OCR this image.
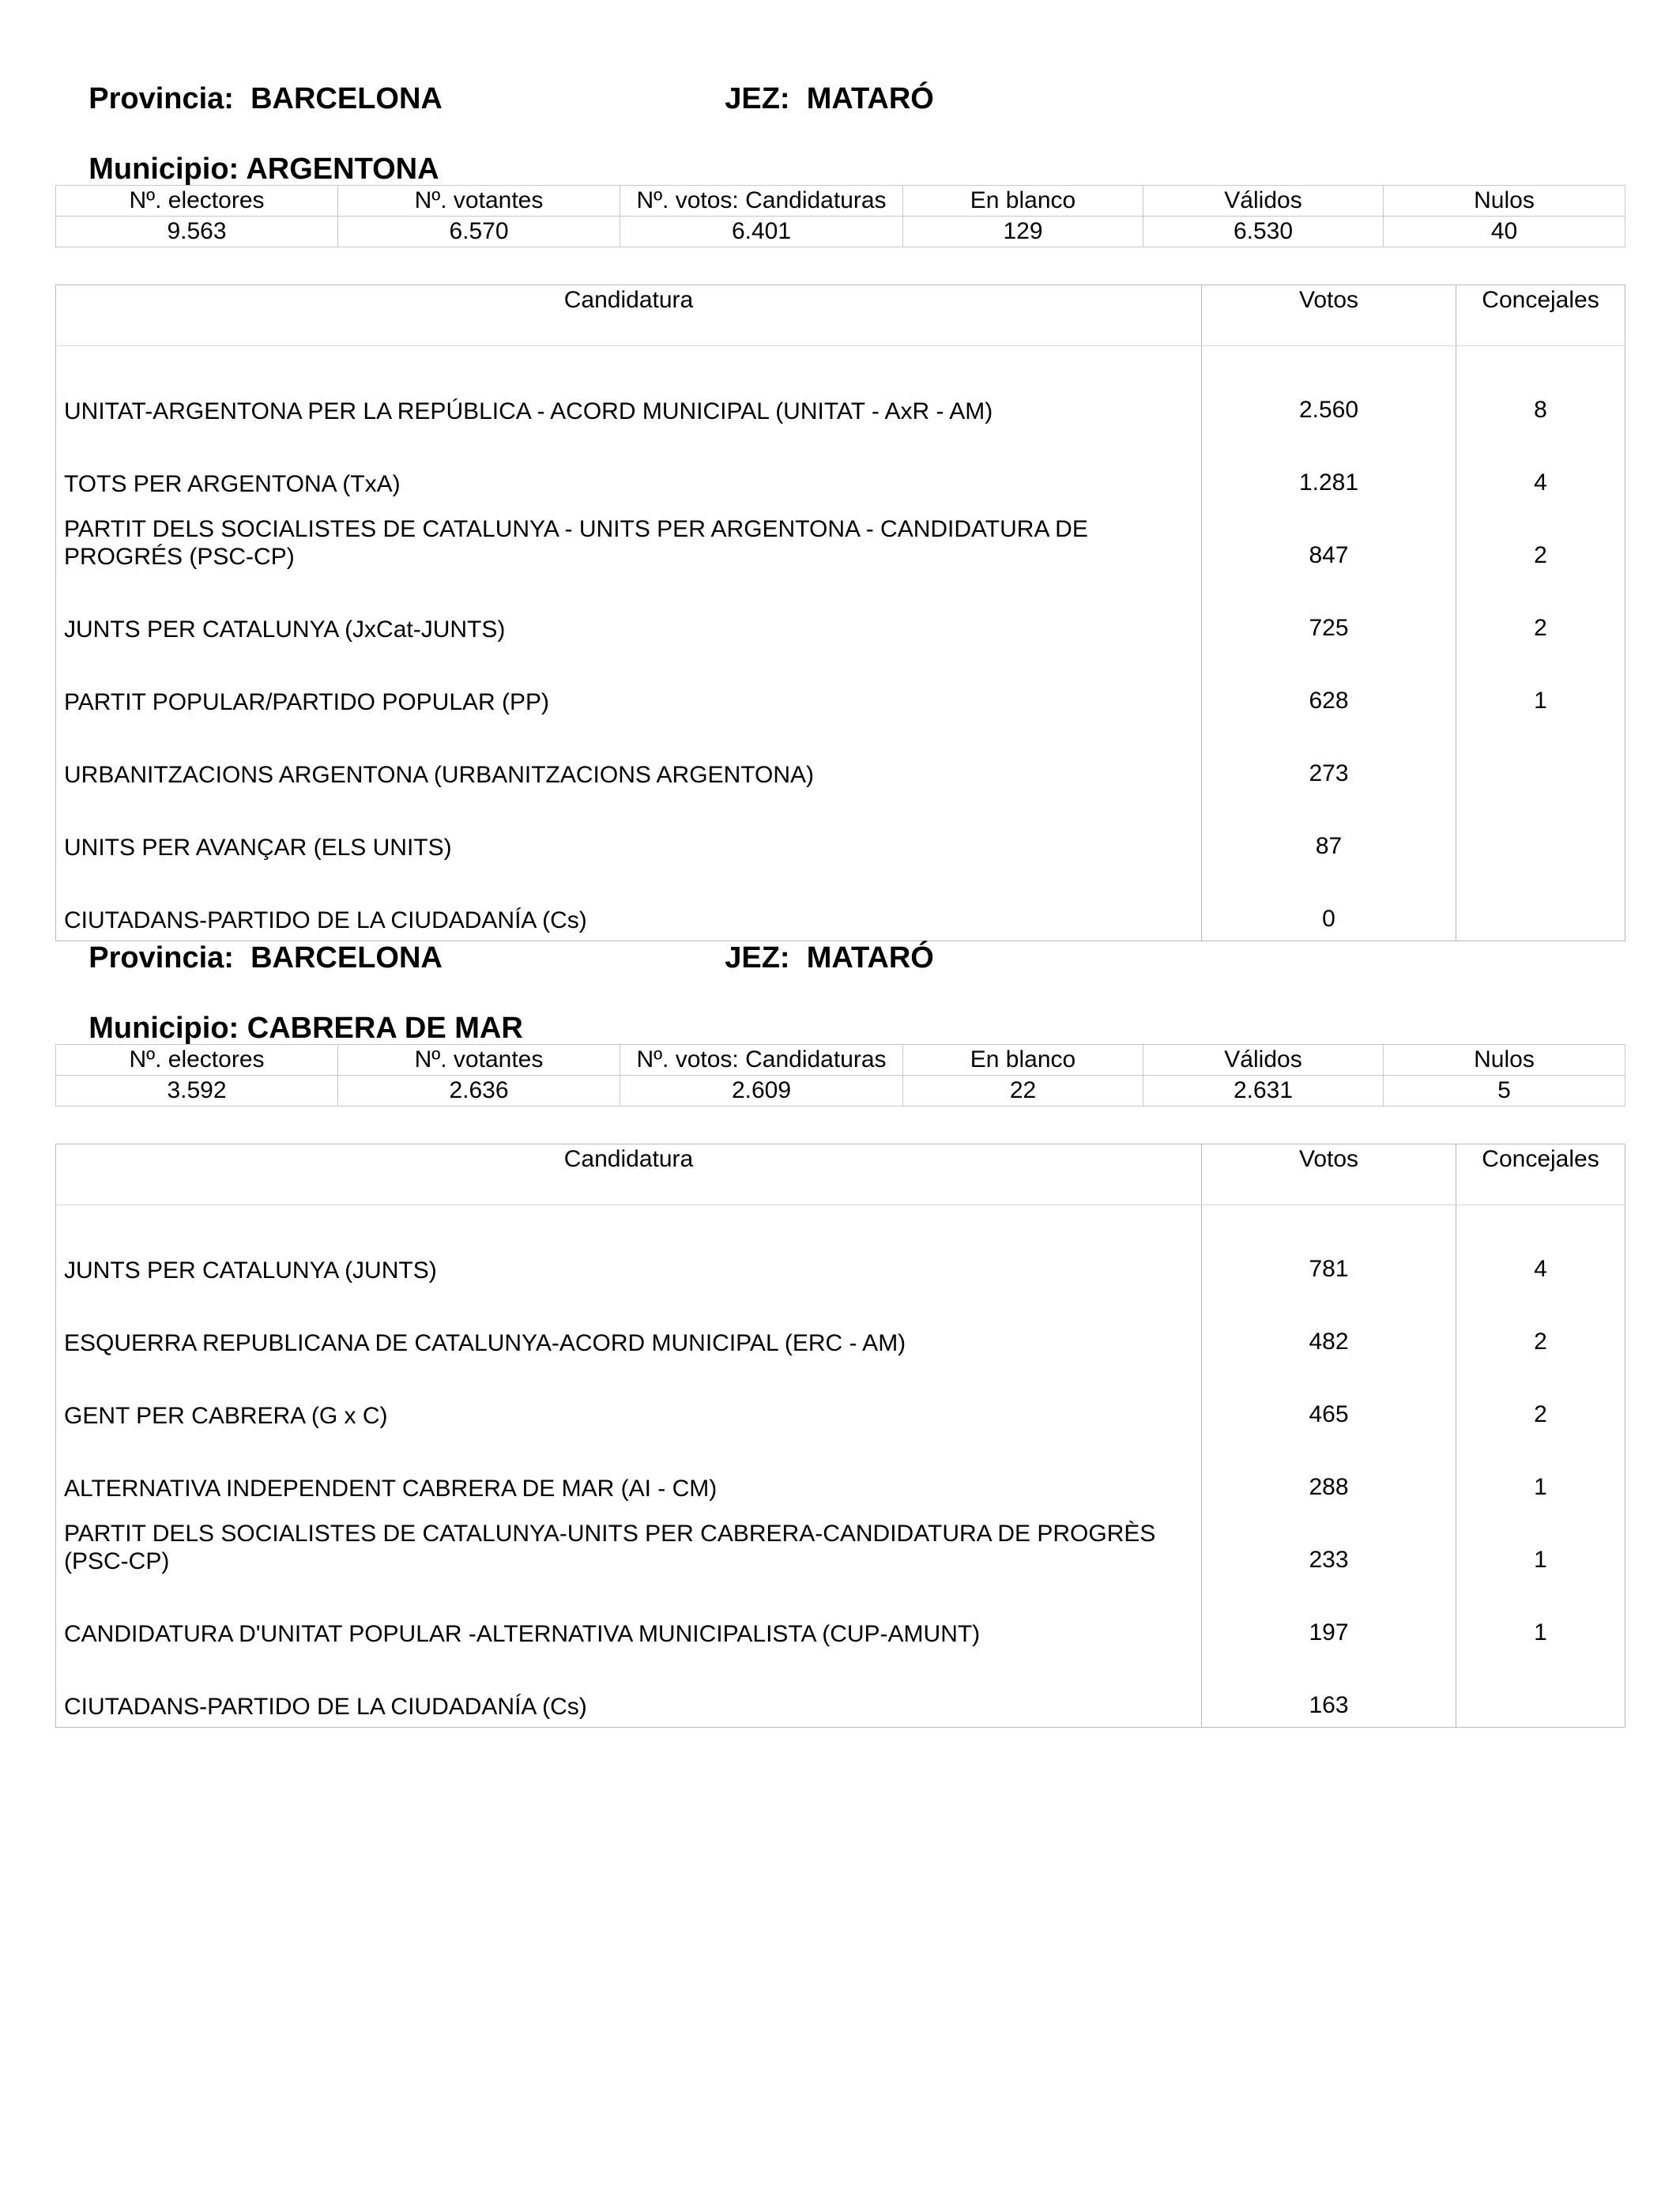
Provincia: BARCELONA
	JEZ: MATARÓ

Municipio: ARGENTONA

Nº. electores	Nº. votantes	Nº. votos: Candidaturas	En blanco	Válidos	Nulos
9.563	6.570	6.401	129	6.530	40
Candidatura	Votos	Concejales
UNITAT-ARGENTONA PER LA REPÚBLICA - ACORD MUNICIPAL (UNITAT - AxR - AM)	2.560	8
TOTS PER ARGENTONA (TxA)	1.281	4
PARTIT DELS SOCIALISTES DE CATALUNYA - UNITS PER ARGENTONA - CANDIDATURA DE PROGRÉS (PSC-CP)	847	2
JUNTS PER CATALUNYA (JxCat-JUNTS)	725	2
PARTIT POPULAR/PARTIDO POPULAR (PP)	628	1
URBANITZACIONS ARGENTONA (URBANITZACIONS ARGENTONA)	273	
UNITS PER AVANÇAR (ELS UNITS)	87	
CIUTADANS-PARTIDO DE LA CIUDADANÍA (Cs)	0	

Provincia: BARCELONA
	JEZ: MATARÓ

Municipio: CABRERA DE MAR

Nº. electores	Nº. votantes	Nº. votos: Candidaturas	En blanco	Válidos	Nulos
3.592	2.636	2.609	22	2.631	5
Candidatura	Votos	Concejales
JUNTS PER CATALUNYA (JUNTS)	781	4
ESQUERRA REPUBLICANA DE CATALUNYA-ACORD MUNICIPAL (ERC - AM)	482	2
GENT PER CABRERA (G x C)	465	2
ALTERNATIVA INDEPENDENT CABRERA DE MAR (AI - CM)	288	1
PARTIT DELS SOCIALISTES DE CATALUNYA-UNITS PER CABRERA-CANDIDATURA DE PROGRÈS (PSC-CP)	233	1
CANDIDATURA D'UNITAT POPULAR -ALTERNATIVA MUNICIPALISTA (CUP-AMUNT)	197	1
CIUTADANS-PARTIDO DE LA CIUDADANÍA (Cs)	163	
